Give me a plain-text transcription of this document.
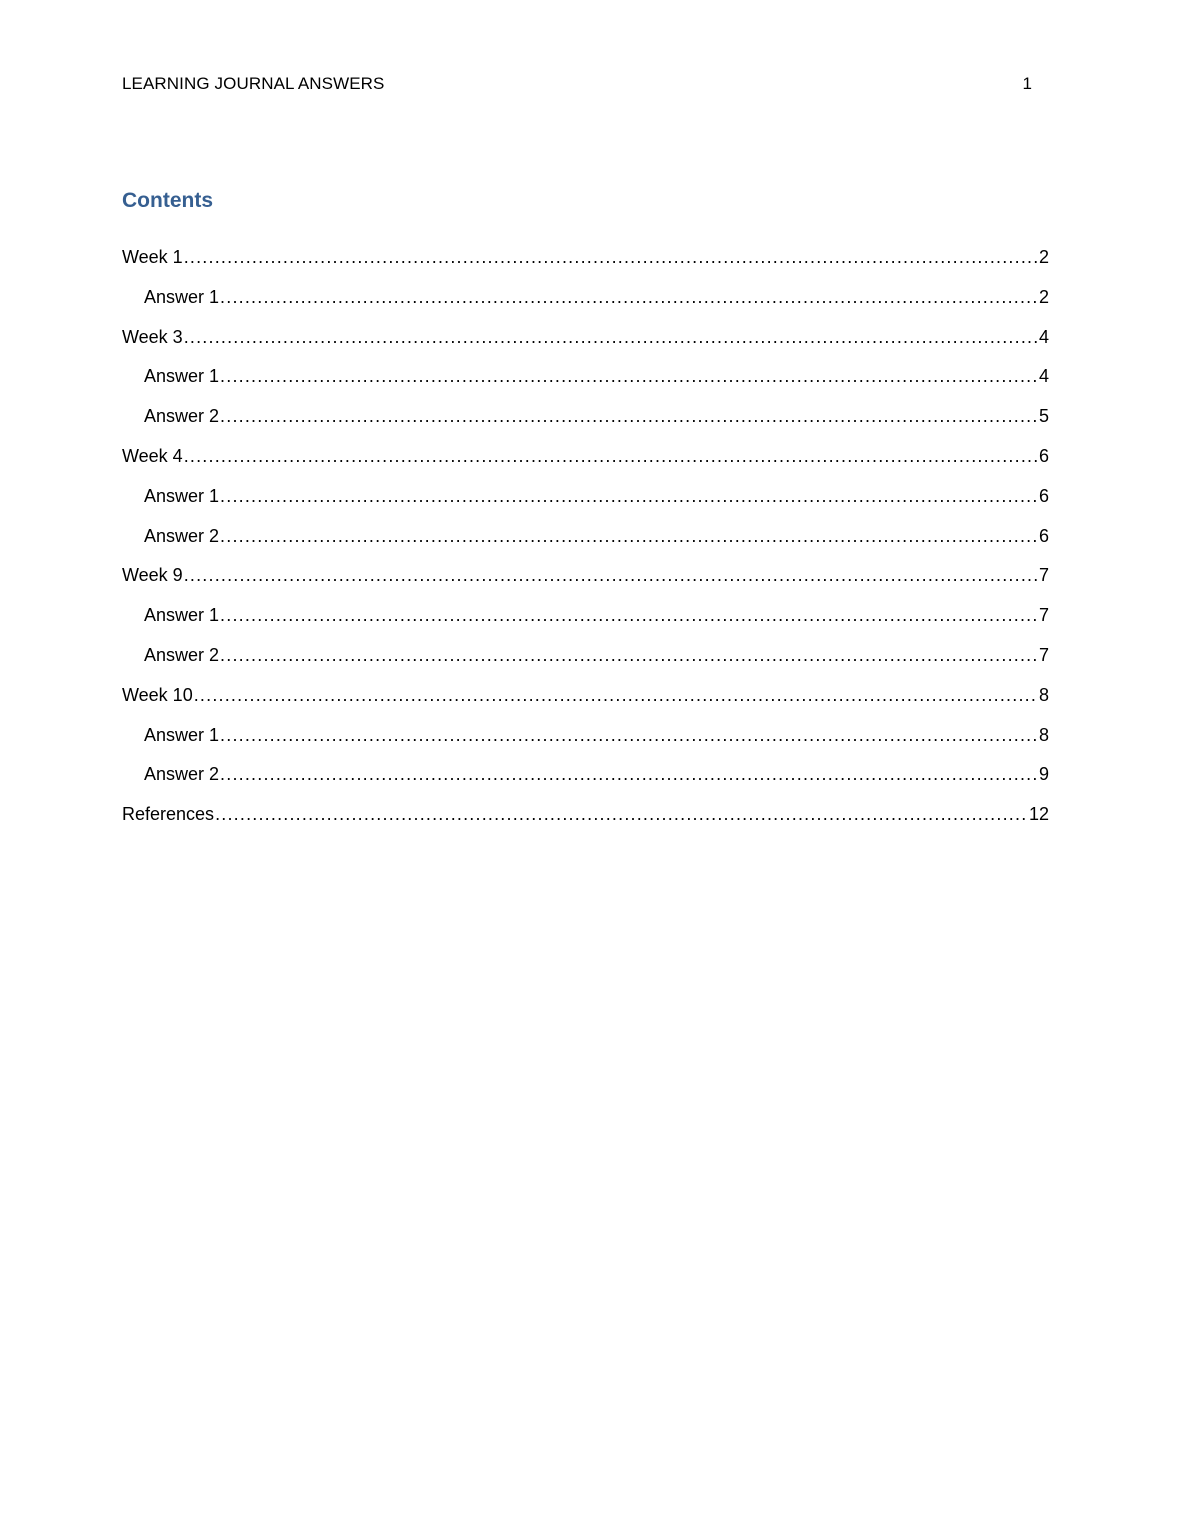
LEARNING JOURNAL ANSWERS	1
Contents
Week 1 .....	2
Answer 1 .....	2
Week 3 .....	4
Answer 1 .....	4
Answer 2 .....	5
Week 4 .....	6
Answer 1 .....	6
Answer 2 .....	6
Week 9 .....	7
Answer 1 .....	7
Answer 2 .....	7
Week 10 .....	8
Answer 1 .....	8
Answer 2 .....	9
References .....	12
